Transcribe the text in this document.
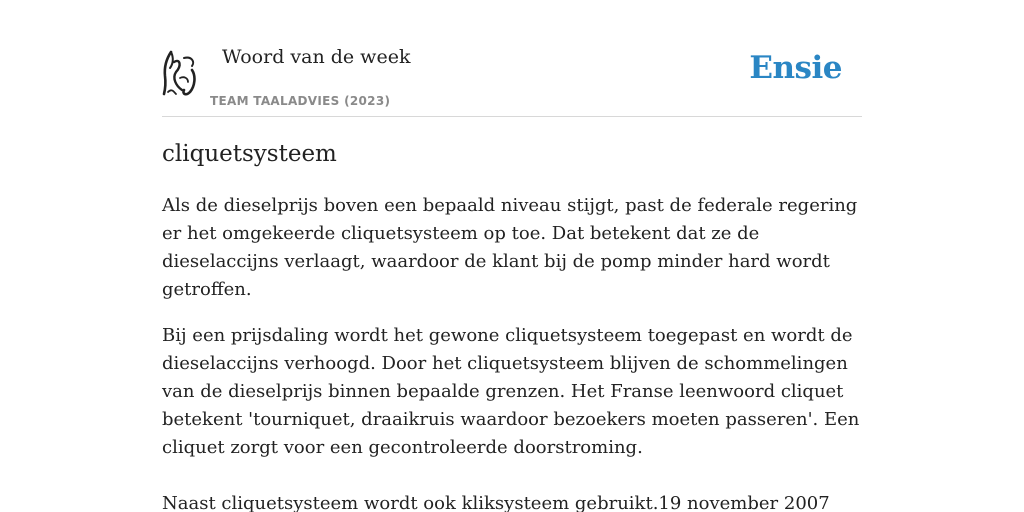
Woord van de week
TEAM TAALADVIES (2023)
Ensie
cliquetsysteem

Als de dieselprijs boven een bepaald niveau stijgt, past de federale regering er het omgekeerde cliquetsysteem op toe. Dat betekent dat ze de dieselaccijns verlaagt, waardoor de klant bij de pomp minder hard wordt getroffen.

Bij een prijsdaling wordt het gewone cliquetsysteem toegepast en wordt de dieselaccijns verhoogd. Door het cliquetsysteem blijven de schommelingen van de dieselprijs binnen bepaalde grenzen. Het Franse leenwoord cliquet betekent 'tourniquet, draaikruis waardoor bezoekers moeten passeren'. Een cliquet zorgt voor een gecontroleerde doorstroming.

Naast cliquetsysteem wordt ook kliksysteem gebruikt.19 november 2007
